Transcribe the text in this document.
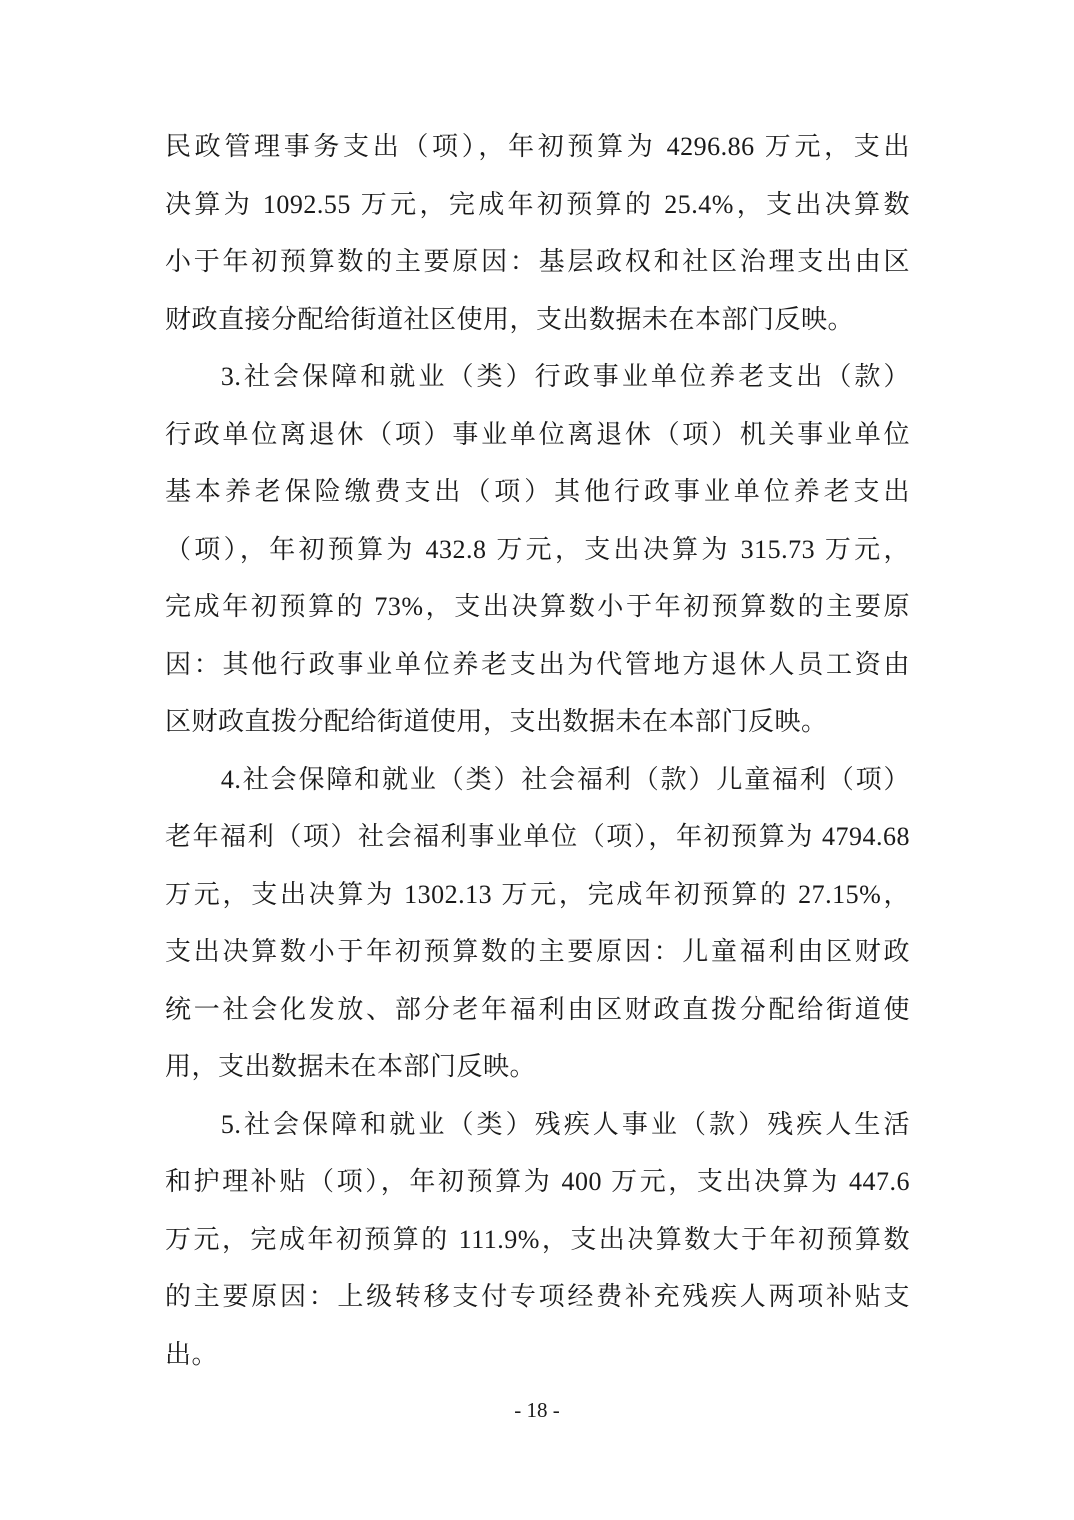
民政管理事务支出（项），年初预算为 4296.86 万元，支出
决算为 1092.55 万元，完成年初预算的 25.4%，支出决算数
小于年初预算数的主要原因：基层政权和社区治理支出由区
财政直接分配给街道社区使用，支出数据未在本部门反映。
3.社会保障和就业（类）行政事业单位养老支出（款）
行政单位离退休（项）事业单位离退休（项）机关事业单位
基本养老保险缴费支出（项）其他行政事业单位养老支出
（项），年初预算为 432.8 万元，支出决算为 315.73 万元，
完成年初预算的 73%，支出决算数小于年初预算数的主要原
因：其他行政事业单位养老支出为代管地方退休人员工资由
区财政直拨分配给街道使用，支出数据未在本部门反映。
4.社会保障和就业（类）社会福利（款）儿童福利（项）
老年福利（项）社会福利事业单位（项），年初预算为 4794.68
万元，支出决算为 1302.13 万元，完成年初预算的 27.15%，
支出决算数小于年初预算数的主要原因：儿童福利由区财政
统一社会化发放、部分老年福利由区财政直拨分配给街道使
用，支出数据未在本部门反映。
5.社会保障和就业（类）残疾人事业（款）残疾人生活
和护理补贴（项），年初预算为 400 万元，支出决算为 447.6
万元，完成年初预算的 111.9%，支出决算数大于年初预算数
的主要原因：上级转移支付专项经费补充残疾人两项补贴支
出。
- 18 -
